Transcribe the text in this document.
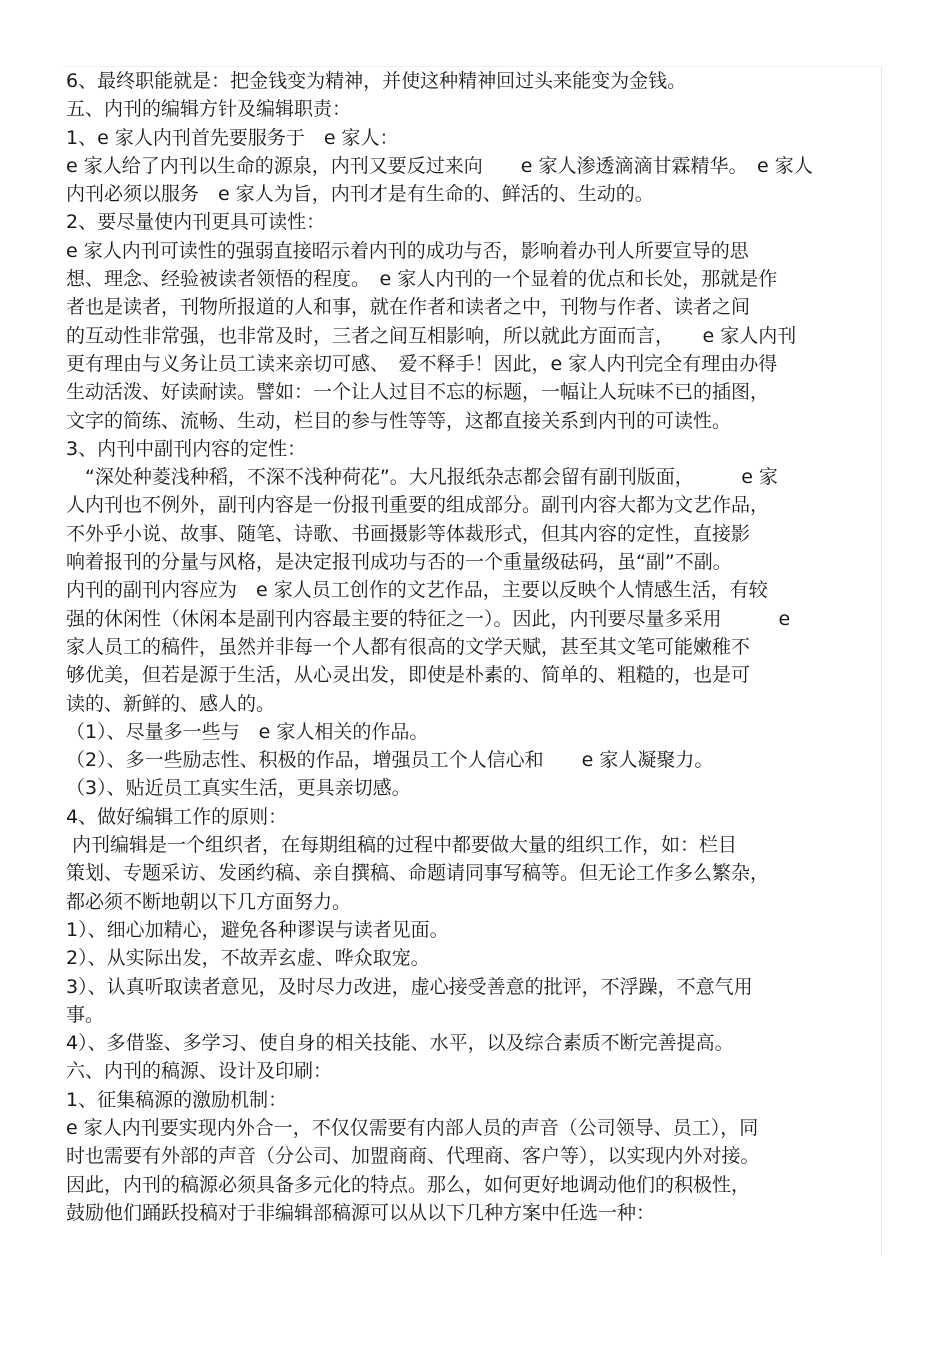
6、最终职能就是：把金钱变为精神，并使这种精神回过头来能变为金钱。
五、内刊的编辑方针及编辑职责：
1、e 家人内刊首先要服务于　e 家人：
e 家人给了内刊以生命的源泉，内刊又要反过来向　　e 家人渗透滴滴甘霖精华。　e 家人
内刊必须以服务　e 家人为旨，内刊才是有生命的、鲜活的、生动的。
2、要尽量使内刊更具可读性：
e 家人内刊可读性的强弱直接昭示着内刊的成功与否，影响着办刊人所要宣导的思
想、理念、经验被读者领悟的程度。　e 家人内刊的一个显着的优点和长处，那就是作
者也是读者，刊物所报道的人和事，就在作者和读者之中，刊物与作者、读者之间
的互动性非常强，也非常及时，三者之间互相影响，所以就此方面而言，　　e 家人内刊
更有理由与义务让员工读来亲切可感、　爱不释手！因此，e 家人内刊完全有理由办得
生动活泼、好读耐读。譬如：一个让人过目不忘的标题，一幅让人玩味不已的插图，
文字的简练、流畅、生动，栏目的参与性等等，这都直接关系到内刊的可读性。
3、内刊中副刊内容的定性：
　“深处种菱浅种稻，不深不浅种荷花”。大凡报纸杂志都会留有副刊版面，　　　e 家
人内刊也不例外，副刊内容是一份报刊重要的组成部分。副刊内容大都为文艺作品，
不外乎小说、故事、随笔、诗歌、书画摄影等体裁形式，但其内容的定性，直接影
响着报刊的分量与风格，是决定报刊成功与否的一个重量级砝码，虽“副”不副。
内刊的副刊内容应为　e 家人员工创作的文艺作品，主要以反映个人情感生活，有较
强的休闲性（休闲本是副刊内容最主要的特征之一）。因此，内刊要尽量多采用　　　e
家人员工的稿件，虽然并非每一个人都有很高的文学天赋，甚至其文笔可能嫩稚不
够优美，但若是源于生活，从心灵出发，即使是朴素的、简单的、粗糙的，也是可
读的、新鲜的、感人的。
（1）、尽量多一些与　e 家人相关的作品。
（2）、多一些励志性、积极的作品，增强员工个人信心和　　e 家人凝聚力。
（3）、贴近员工真实生活，更具亲切感。
4、做好编辑工作的原则：
内刊编辑是一个组织者，在每期组稿的过程中都要做大量的组织工作，如：栏目
策划、专题采访、发函约稿、亲自撰稿、命题请同事写稿等。但无论工作多么繁杂，
都必须不断地朝以下几方面努力。
1）、细心加精心，避免各种谬误与读者见面。
2）、从实际出发，不故弄玄虚、哗众取宠。
3）、认真听取读者意见，及时尽力改进，虚心接受善意的批评，不浮躁，不意气用
事。
4）、多借鉴、多学习、使自身的相关技能、水平，以及综合素质不断完善提高。
六、内刊的稿源、设计及印刷：
1、征集稿源的激励机制：
e 家人内刊要实现内外合一，不仅仅需要有内部人员的声音（公司领导、员工），同
时也需要有外部的声音（分公司、加盟商商、代理商、客户等），以实现内外对接。
因此，内刊的稿源必须具备多元化的特点。那么，如何更好地调动他们的积极性，
鼓励他们踊跃投稿对于非编辑部稿源可以从以下几种方案中任选一种：
